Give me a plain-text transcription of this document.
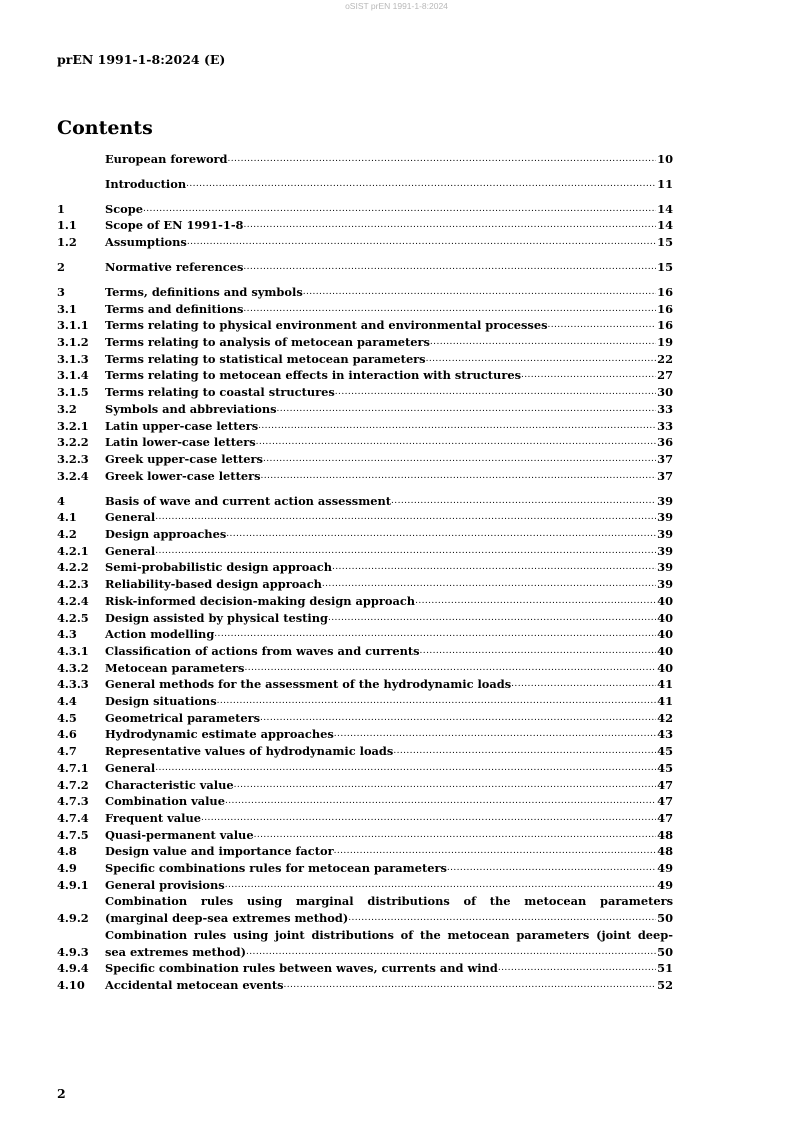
oSIST prEN 1991-1-8:2024
prEN 1991-1-8:2024 (E)
Contents
European foreword .....	10
Introduction .....	11
1	Scope .....	14
1.1	Scope of EN 1991-1-8 .....	14
1.2	Assumptions .....	15
2	Normative references .....	15
3	Terms, definitions and symbols .....	16
3.1	Terms and definitions .....	16
3.1.1	Terms relating to physical environment and environmental processes .....	16
3.1.2	Terms relating to analysis of metocean parameters .....	19
3.1.3	Terms relating to statistical metocean parameters .....	22
3.1.4	Terms relating to metocean effects in interaction with structures .....	27
3.1.5	Terms relating to coastal structures .....	30
3.2	Symbols and abbreviations .....	33
3.2.1	Latin upper-case letters .....	33
3.2.2	Latin lower-case letters .....	36
3.2.3	Greek upper-case letters .....	37
3.2.4	Greek lower-case letters .....	37
4	Basis of wave and current action assessment .....	39
4.1	General .....	39
4.2	Design approaches .....	39
4.2.1	General .....	39
4.2.2	Semi-probabilistic design approach .....	39
4.2.3	Reliability-based design approach .....	39
4.2.4	Risk-informed decision-making design approach .....	40
4.2.5	Design assisted by physical testing .....	40
4.3	Action modelling .....	40
4.3.1	Classification of actions from waves and currents .....	40
4.3.2	Metocean parameters .....	40
4.3.3	General methods for the assessment of the hydrodynamic loads .....	41
4.4	Design situations .....	41
4.5	Geometrical parameters .....	42
4.6	Hydrodynamic estimate approaches .....	43
4.7	Representative values of hydrodynamic loads .....	45
4.7.1	General .....	45
4.7.2	Characteristic value .....	47
4.7.3	Combination value .....	47
4.7.4	Frequent value .....	47
4.7.5	Quasi-permanent value .....	48
4.8	Design value and importance factor .....	48
4.9	Specific combinations rules for metocean parameters .....	49
4.9.1	General provisions .....	49
4.9.2
Combination rules using marginal distributions of the metocean parameters
(marginal deep-sea extremes method) .....	50
4.9.3
Combination rules using joint distributions of the metocean parameters (joint deep-
sea extremes method) .....	50
4.9.4	Specific combination rules between waves, currents and wind .....	51
4.10	Accidental metocean events .....	52
2
